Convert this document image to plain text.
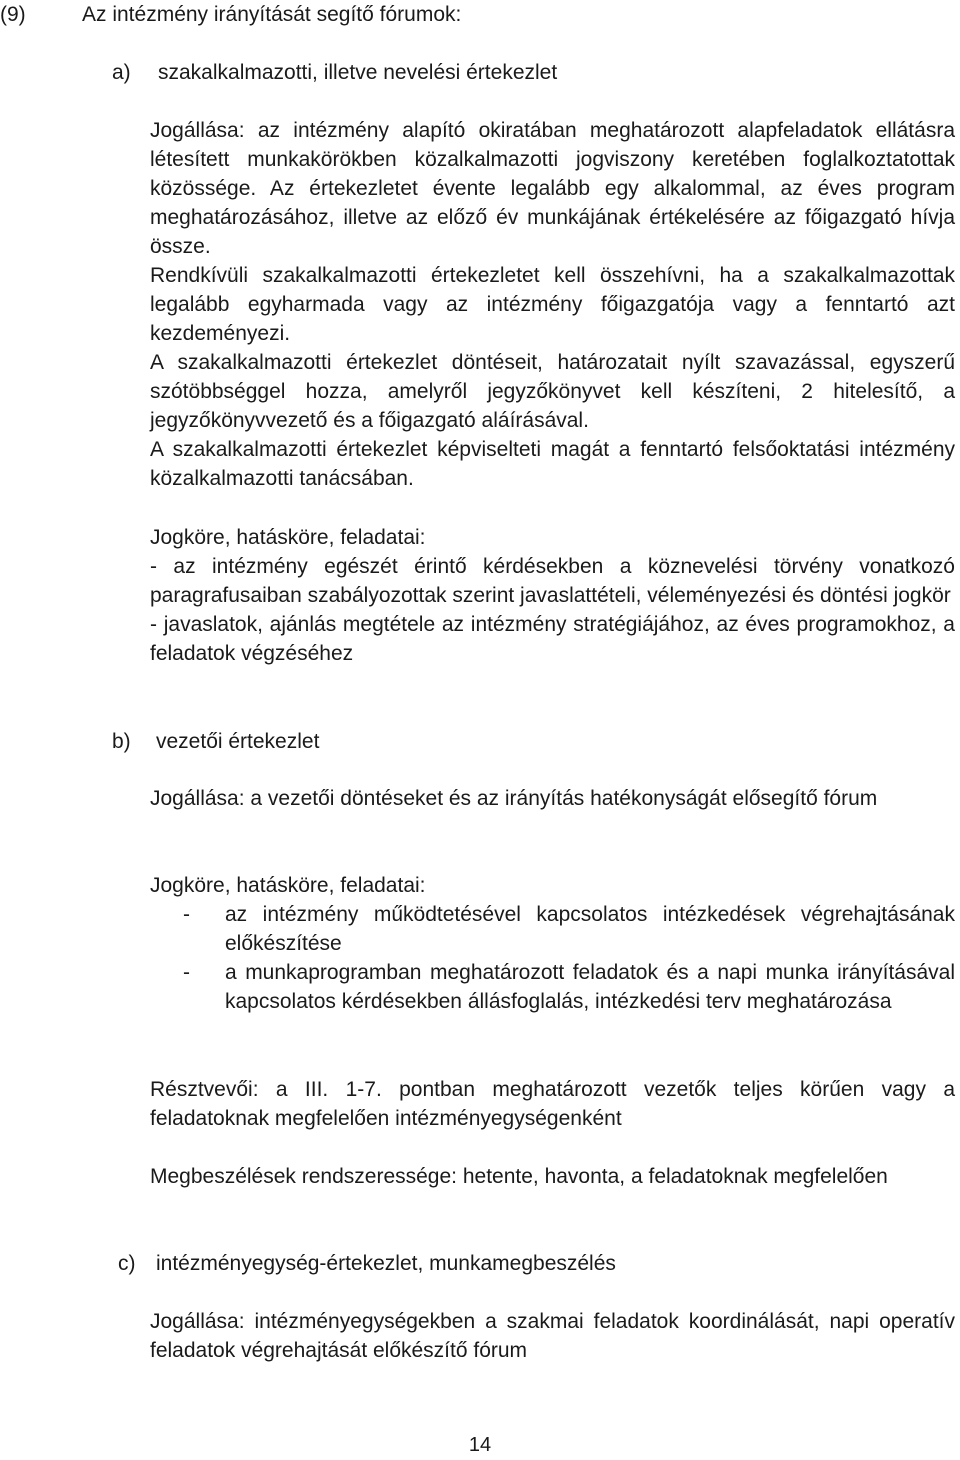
(9)	Az intézmény irányítását segítő fórumok:
a) szakalkalmazotti, illetve nevelési értekezlet

Jogállása: az intézmény alapító okiratában meghatározott alapfeladatok ellátásra létesített munkakörökben közalkalmazotti jogviszony keretében foglalkoztatottak közössége. Az értekezletet évente legalább egy alkalommal, az éves program meghatározásához, illetve az előző év munkájának értékelésére az főigazgató hívja össze.

Rendkívüli szakalkalmazotti értekezletet kell összehívni, ha a szakalkalmazottak legalább egyharmada vagy az intézmény főigazgatója vagy a fenntartó azt kezdeményezi.

A szakalkalmazotti értekezlet döntéseit, határozatait nyílt szavazással, egyszerű szótöbbséggel hozza, amelyről jegyzőkönyvet kell készíteni, 2 hitelesítő, a jegyzőkönyvvezető és a főigazgató aláírásával.

A szakalkalmazotti értekezlet képviselteti magát a fenntartó felsőoktatási intézmény közalkalmazotti tanácsában.

Jogköre, hatásköre, feladatai:

- az intézmény egészét érintő kérdésekben a köznevelési törvény vonatkozó paragrafusaiban szabályozottak szerint javaslattételi, véleményezési és döntési jogkör

- javaslatok, ajánlás megtétele az intézmény stratégiájához, az éves programokhoz, a feladatok végzéséhez

b) vezetői értekezlet

Jogállása: a vezetői döntéseket és az irányítás hatékonyságát elősegítő fórum

Jogköre, hatásköre, feladatai:

- az intézmény működtetésével kapcsolatos intézkedések végrehajtásának előkészítése
- a munkaprogramban meghatározott feladatok és a napi munka irányításával kapcsolatos kérdésekben állásfoglalás, intézkedési terv meghatározása

Résztvevői: a III. 1-7. pontban meghatározott vezetők teljes körűen vagy a feladatoknak megfelelően intézményegységenként

Megbeszélések rendszeressége: hetente, havonta, a feladatoknak megfelelően

c) intézményegység-értekezlet, munkamegbeszélés

Jogállása: intézményegységekben a szakmai feladatok koordinálását, napi operatív feladatok végrehajtását előkészítő fórum

14
